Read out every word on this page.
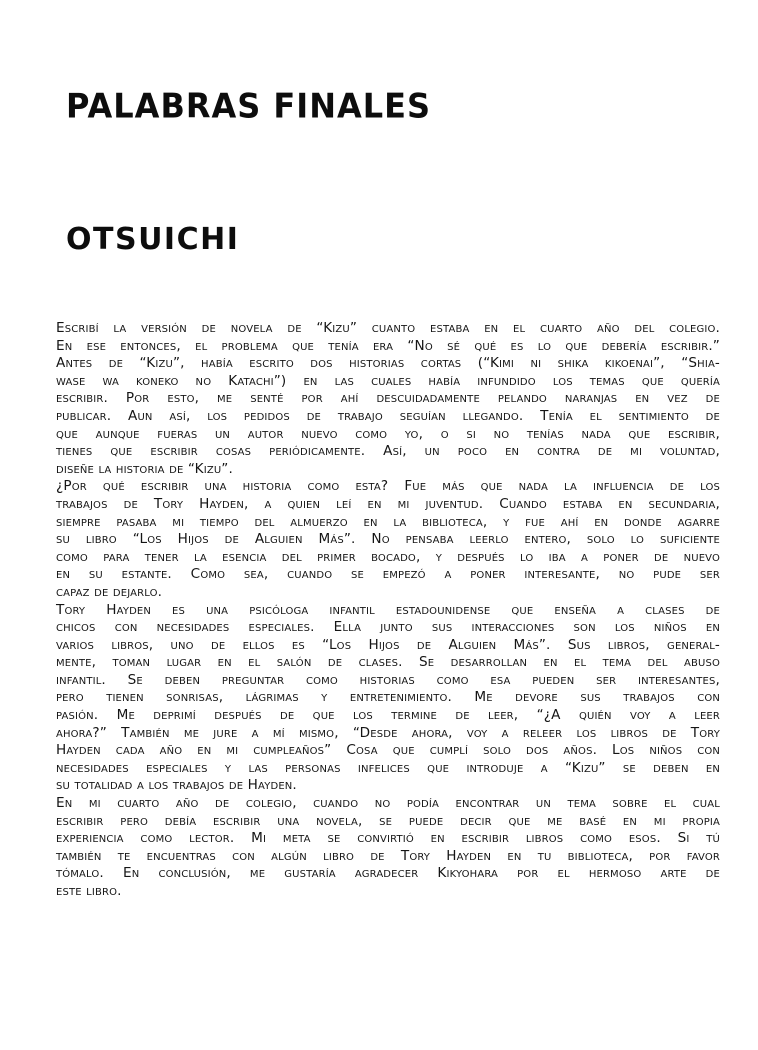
PALABRAS FINALES
OTSUICHI
Escribí la versión de novela de “Kizu” cuanto estaba en el cuarto año del colegio.
En ese entonces, el problema que tenía era “No sé qué es lo que debería escribir.”
Antes de “Kizu”, había escrito dos historias cortas (“Kimi ni shika kikoenai”, “Shia-
wase wa koneko no Katachi”) en las cuales había infundido los temas que quería
escribir. Por esto, me senté por ahí descuidadamente pelando naranjas en vez de
publicar. Aun así, los pedidos de trabajo seguían llegando. Tenía el sentimiento de
que aunque fueras un autor nuevo como yo, o si no tenías nada que escribir,
tienes que escribir cosas periódicamente. Así, un poco en contra de mi voluntad,
diseñe la historia de “Kizu”.
¿Por qué escribir una historia como esta? Fue más que nada la influencia de los
trabajos de Tory Hayden, a quien leí en mi juventud. Cuando estaba en secundaria,
siempre pasaba mi tiempo del almuerzo en la biblioteca, y fue ahí en donde agarre
su libro “Los Hijos de Alguien Más”. No pensaba leerlo entero, solo lo suficiente
como para tener la esencia del primer bocado, y después lo iba a poner de nuevo
en su estante. Como sea, cuando se empezó a poner interesante, no pude ser
capaz de dejarlo.
Tory Hayden es una psicóloga infantil estadounidense que enseña a clases de
chicos con necesidades especiales. Ella junto sus interacciones son los niños en
varios libros, uno de ellos es “Los Hijos de Alguien Más”. Sus libros, general-
mente, toman lugar en el salón de clases. Se desarrollan en el tema del abuso
infantil. Se deben preguntar como historias como esa pueden ser interesantes,
pero tienen sonrisas, lágrimas y entretenimiento. Me devore sus trabajos con
pasión. Me deprimí después de que los termine de leer, “¿A quién voy a leer
ahora?” También me jure a mí mismo, “Desde ahora, voy a releer los libros de Tory
Hayden cada año en mi cumpleaños” Cosa que cumplí solo dos años. Los niños con
necesidades especiales y las personas infelices que introduje a “Kizu” se deben en
su totalidad a los trabajos de Hayden.
En mi cuarto año de colegio, cuando no podía encontrar un tema sobre el cual
escribir pero debía escribir una novela, se puede decir que me basé en mi propia
experiencia como lector. Mi meta se convirtió en escribir libros como esos. Si tú
también te encuentras con algún libro de Tory Hayden en tu biblioteca, por favor
tómalo. En conclusión, me gustaría agradecer Kikyohara por el hermoso arte de
este libro.
